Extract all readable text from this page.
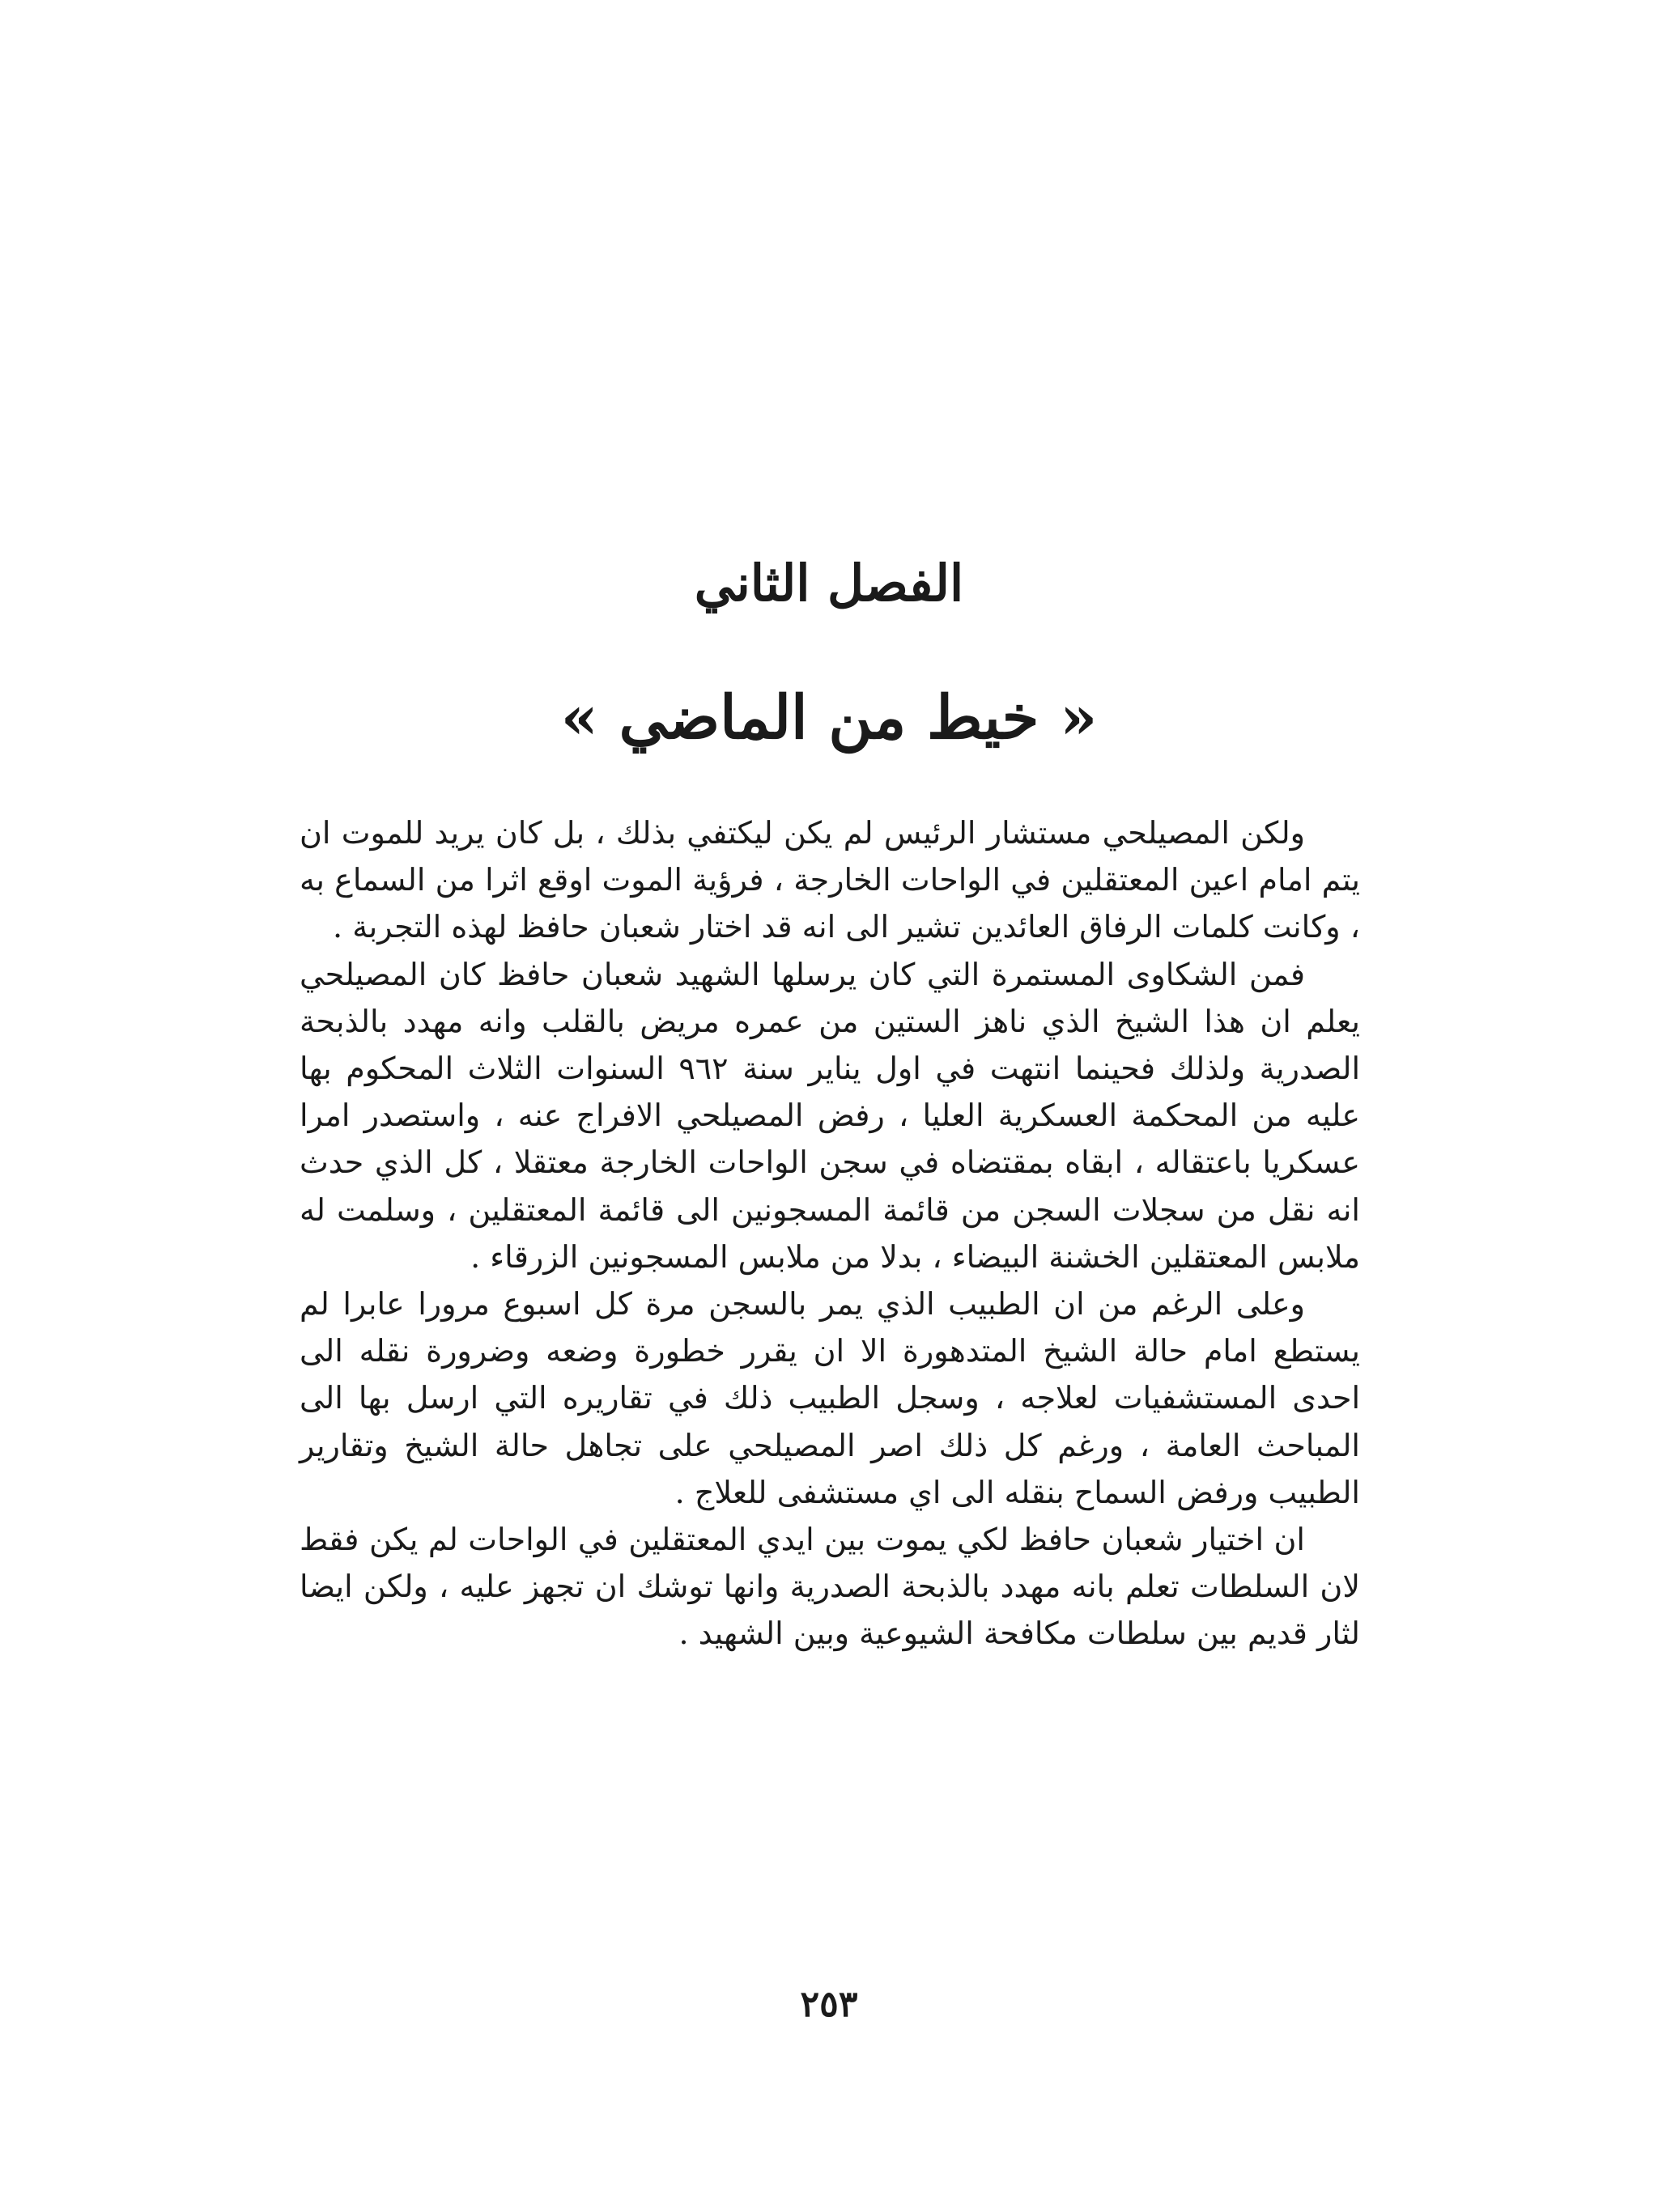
الفصل الثاني
« خيط من الماضي »

ولكن المصيلحي مستشار الرئيس لم يكن ليكتفي بذلك ، بل كان يريد للموت ان يتم امام اعين المعتقلين في الواحات الخارجة ، فرؤية الموت اوقع اثرا من السماع به ، وكانت كلمات الرفاق العائدين تشير الى انه قد اختار شعبان حافظ لهذه التجربة .

فمن الشكاوى المستمرة التي كان يرسلها الشهيد شعبان حافظ كان المصيلحي يعلم ان هذا الشيخ الذي ناهز الستين من عمره مريض بالقلب وانه مهدد بالذبحة الصدرية ولذلك فحينما انتهت في اول يناير سنة ٩٦٢ السنوات الثلاث المحكوم بها عليه من المحكمة العسكرية العليا ، رفض المصيلحي الافراج عنه ، واستصدر امرا عسكريا باعتقاله ، ابقاه بمقتضاه في سجن الواحات الخارجة معتقلا ، كل الذي حدث انه نقل من سجلات السجن من قائمة المسجونين الى قائمة المعتقلين ، وسلمت له ملابس المعتقلين الخشنة البيضاء ، بدلا من ملابس المسجونين الزرقاء .

وعلى الرغم من ان الطبيب الذي يمر بالسجن مرة كل اسبوع مرورا عابرا لم يستطع امام حالة الشيخ المتدهورة الا ان يقرر خطورة وضعه وضرورة نقله الى احدى المستشفيات لعلاجه ، وسجل الطبيب ذلك في تقاريره التي ارسل بها الى المباحث العامة ، ورغم كل ذلك اصر المصيلحي على تجاهل حالة الشيخ وتقارير الطبيب ورفض السماح بنقله الى اي مستشفى للعلاج .

ان اختيار شعبان حافظ لكي يموت بين ايدي المعتقلين في الواحات لم يكن فقط لان السلطات تعلم بانه مهدد بالذبحة الصدرية وانها توشك ان تجهز عليه ، ولكن ايضا لثار قديم بين سلطات مكافحة الشيوعية وبين الشهيد .

٢٥٣
